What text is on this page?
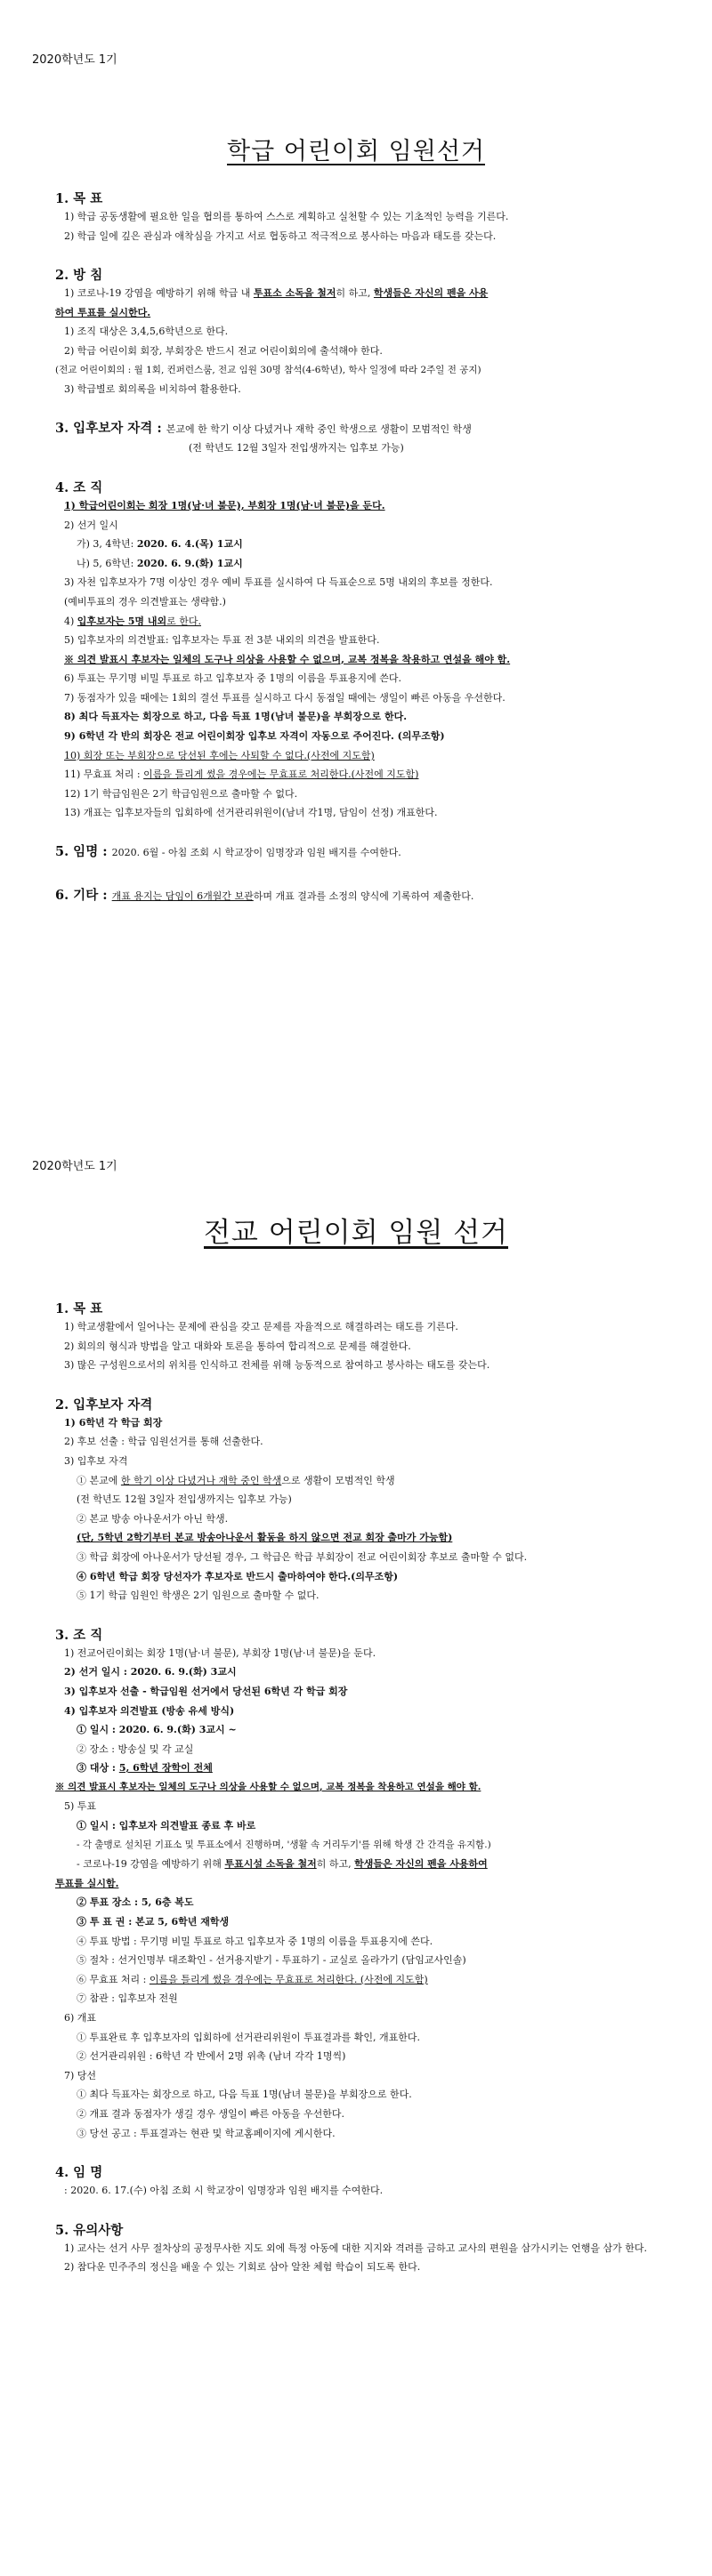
2020학년도 1기
학급 어린이회 임원선거

1. 목 표

1) 학급 공동생활에 필요한 일을 협의를 통하여 스스로 계획하고 실천할 수 있는 기초적인 능력을 기른다.

2) 학급 일에 깊은 관심과 애착심을 가지고 서로 협동하고 적극적으로 봉사하는 마음과 태도를 갖는다.

2. 방 침

1) 코로나-19 강염을 예방하기 위해 학급 내 투표소 소독을 철저히 하고, 학생들은 자신의 펜을 사용

하여 투표를 실시한다.

1) 조직 대상은 3,4,5,6학년으로 한다.

2) 학급 어린이회 회장, 부회장은 반드시 전교 어린이회의에 출석해야 한다.

(전교 어린이회의 : 월 1회, 컨퍼런스룸, 전교 임원 30명 참석(4-6학년), 학사 일정에 따라 2주일 전 공지)

3) 학급별로 회의록을 비치하여 활용한다.

3. 입후보자 자격 : 본교에 한 학기 이상 다녔거나 재학 중인 학생으로 생활이 모범적인 학생

(전 학년도 12월 3일자 전입생까지는 입후보 가능)

4. 조 직

1) 학급어린이회는 회장 1명(남·녀 불문), 부회장 1명(남·녀 불문)을 둔다.

2) 선거 일시

가) 3, 4학년: 2020. 6. 4.(목) 1교시

나) 5, 6학년: 2020. 6. 9.(화) 1교시

3) 자천 입후보자가 7명 이상인 경우 예비 투표를 실시하여 다 득표순으로 5명 내외의 후보를 정한다.

(예비투표의 경우 의견발표는 생략함.)

4) 입후보자는 5명 내외로 한다.

5) 입후보자의 의견발표: 입후보자는 투표 전 3분 내외의 의견을 발표한다.

※ 의견 발표시 후보자는 일체의 도구나 의상을 사용할 수 없으며, 교복 정복을 착용하고 연설을 해야 함.

6) 투표는 무기명 비밀 투표로 하고 입후보자 중 1명의 이름을 투표용지에 쓴다.

7) 동점자가 있을 때에는 1회의 결선 투표를 실시하고 다시 동점일 때에는 생일이 빠른 아동을 우선한다.

8) 최다 득표자는 회장으로 하고, 다음 득표 1명(남녀 불문)을 부회장으로 한다.

9) 6학년 각 반의 회장은 전교 어린이회장 입후보 자격이 자동으로 주어진다. (의무조항)

10) 회장 또는 부회장으로 당선된 후에는 사퇴할 수 없다.(사전에 지도함)

11) 무효표 처리 : 이름을 틀리게 썼을 경우에는 무효표로 처리한다.(사전에 지도함)

12) 1기 학급임원은 2기 학급임원으로 출마할 수 없다.

13) 개표는 입후보자들의 입회하에 선거관리위원이(남녀 각1명, 담임이 선정) 개표한다.

5. 임명 : 2020. 6월 - 아침 조회 시 학교장이 임명장과 임원 배지를 수여한다.

6. 기타 : 개표 용지는 담임이 6개월간 보관하며 개표 결과를 소정의 양식에 기록하여 제출한다.

2020학년도 1기
전교 어린이회 임원 선거

1. 목 표

1) 학교생활에서 일어나는 문제에 관심을 갖고 문제를 자율적으로 해결하려는 태도를 기른다.

2) 회의의 형식과 방법을 알고 대화와 토론을 통하여 합리적으로 문제를 해결한다.

3) 많은 구성원으로서의 위치를 인식하고 전체를 위해 능동적으로 참여하고 봉사하는 태도를 갖는다.

2. 입후보자 자격

1) 6학년 각 학급 회장

2) 후보 선출 : 학급 임원선거를 통해 선출한다.

3) 입후보 자격

① 본교에 한 학기 이상 다녔거나 재학 중인 학생으로 생활이 모범적인 학생

(전 학년도 12월 3일자 전입생까지는 입후보 가능)

② 본교 방송 아나운서가 아닌 학생.

(단, 5학년 2학기부터 본교 방송아나운서 활동을 하지 않으면 전교 회장 출마가 가능함)

③ 학급 회장에 아나운서가 당선될 경우, 그 학급은 학급 부회장이 전교 어린이회장 후보로 출마할 수 없다.

④ 6학년 학급 회장 당선자가 후보자로 반드시 출마하여야 한다.(의무조항)

⑤ 1기 학급 임원인 학생은 2기 임원으로 출마할 수 없다.

3. 조 직

1) 전교어린이회는 회장 1명(남·녀 불문), 부회장 1명(남·녀 불문)을 둔다.

2) 선거 일시 : 2020. 6. 9.(화) 3교시

3) 입후보자 선출 - 학급임원 선거에서 당선된 6학년 각 학급 회장

4) 입후보자 의견발표 (방송 유세 방식)

① 일시 : 2020. 6. 9.(화) 3교시 ~

② 장소 : 방송실 및 각 교실

③ 대상 : 5, 6학년 장학이 전체

※ 의견 발표시 후보자는 일체의 도구나 의상을 사용할 수 없으며, 교복 정복을 착용하고 연설을 해야 함.

5) 투표

① 일시 : 입후보자 의견발표 종료 후 바로

- 각 출맹로 설치된 기표소 및 투표소에서 진행하며, '생활 속 거리두기'를 위해 학생 간 간격을 유지함.)

- 코로나-19 강염을 예방하기 위해 투표시설 소독을 철저히 하고, 학생들은 자신의 펜을 사용하여

투표를 실시함.

② 투표 장소 : 5, 6층 복도

③ 투 표 권 : 본교 5, 6학년 재학생

④ 투표 방법 : 무기명 비밀 투표로 하고 입후보자 중 1명의 이름을 투표용지에 쓴다.

⑤ 절차 : 선거인명부 대조확인 - 선거용지받기 - 투표하기 - 교실로 올라가기 (담임교사인솔)

⑥ 무효표 처리 : 이름을 틀리게 썼을 경우에는 무효표로 처리한다. (사전에 지도함)

⑦ 참관 : 입후보자 전원

6) 개표

① 투표완료 후 입후보자의 입회하에 선거관리위원이 투표결과를 확인, 개표한다.

② 선거관리위원 : 6학년 각 반에서 2명 위촉 (남녀 각각 1명씩)

7) 당선

① 최다 득표자는 회장으로 하고, 다음 득표 1명(남녀 불문)을 부회장으로 한다.

② 개표 결과 동점자가 생길 경우 생일이 빠른 아동을 우선한다.

③ 당선 공고 : 투표결과는 현관 및 학교홈페이지에 게시한다.

4. 임 명

: 2020. 6. 17.(수) 아침 조회 시 학교장이 임명장과 임원 배지를 수여한다.

5. 유의사항

1) 교사는 선거 사무 절차상의 공정무사한 지도 외에 특정 아동에 대한 지지와 격려를 금하고 교사의 편원을 삼가시키는 언행을 삼가 한다.

2) 참다운 민주주의 정신을 배울 수 있는 기회로 삼아 알찬 체험 학습이 되도록 한다.
